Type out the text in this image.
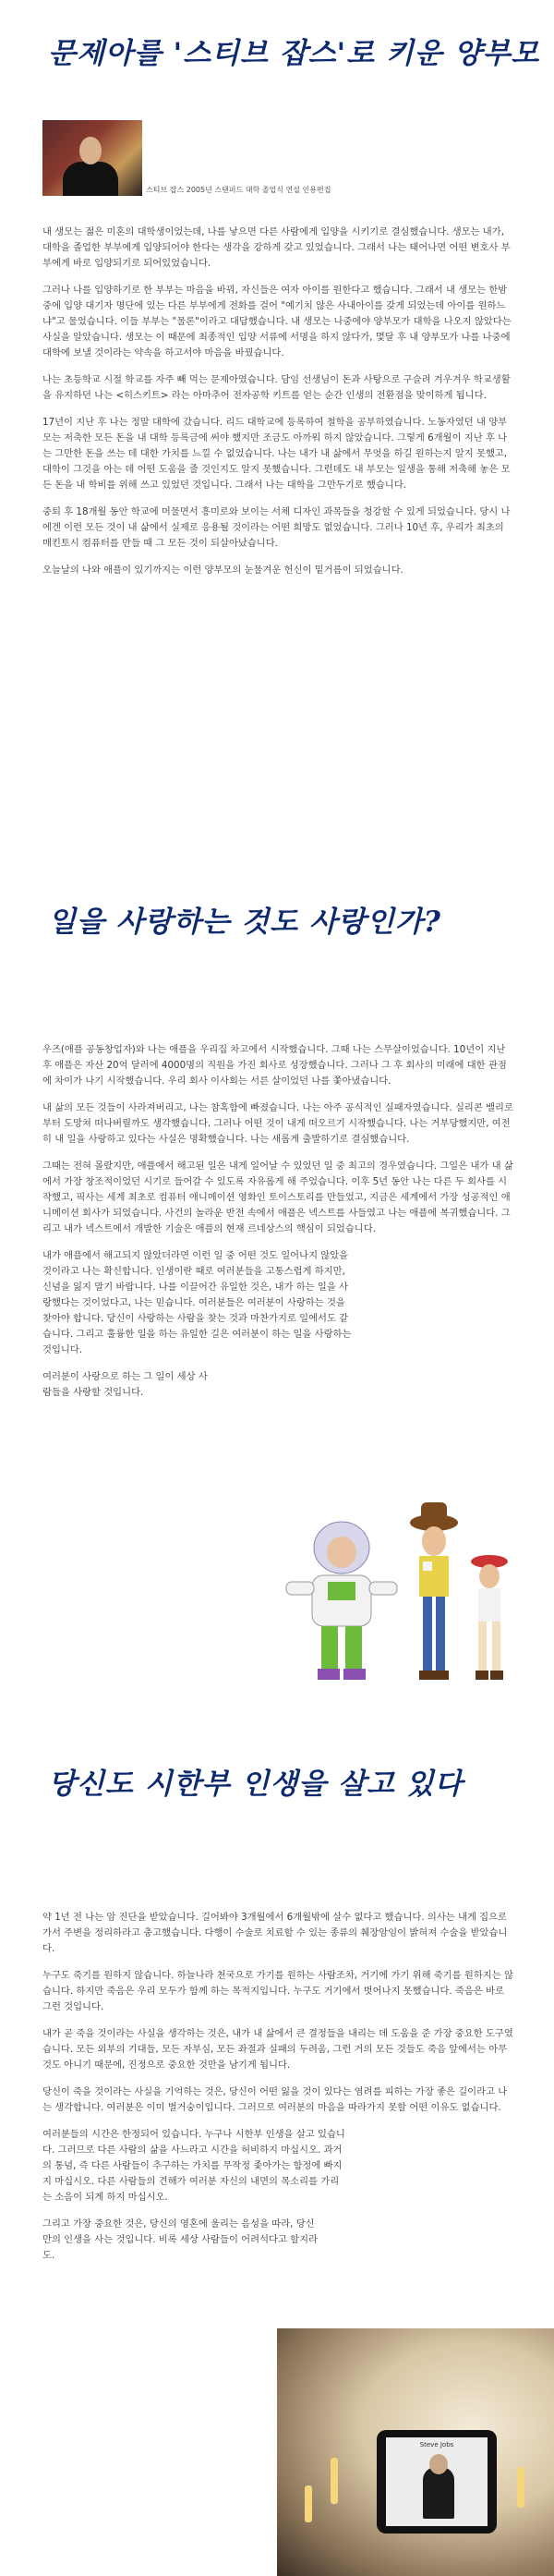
문제아를 '스티브 잡스'로 키운 양부모
스티브 잡스 2005년 스탠퍼드 대학 졸업식 연설 인용편집

내 생모는 젊은 미혼의 대학생이었는데, 나를 낳으면 다른 사람에게 입양을 시키기로 결심했습니다. 생모는 내가, 대학을 졸업한 부부에게 입양되어야 한다는 생각을 강하게 갖고 있었습니다. 그래서 나는 태어나면 어떤 변호사 부부에게 바로 입양되기로 되어있었습니다.

그러나 나를 입양하기로 한 부부는 마음을 바꿔, 자신들은 여자 아이를 원한다고 했습니다. 그래서 내 생모는 한밤중에 입양 대기자 명단에 있는 다른 부부에게 전화를 걸어 "예기치 않은 사내아이를 갖게 되었는데 아이를 원하느냐"고 물었습니다. 이들 부부는 "물론"이라고 대답했습니다. 내 생모는 나중에야 양부모가 대학을 나오지 않았다는 사실을 알았습니다. 생모는 이 때문에 최종적인 입양 서류에 서명을 하지 않다가, 몇달 후 내 양부모가 나를 나중에 대학에 보낼 것이라는 약속을 하고서야 마음을 바꿨습니다.

나는 초등학교 시절 학교를 자주 빼 먹는 문제아였습니다. 담임 선생님이 돈과 사탕으로 구슬려 겨우겨우 학교생활을 유지하던 나는 <히스키트> 라는 아마추어 전자공학 키트를 얻는 순간 인생의 전환점을 맞이하게 됩니다.

17년이 지난 후 나는 정말 대학에 갔습니다. 리드 대학교에 등록하여 철학을 공부하였습니다. 노동자였던 내 양부모는 저축한 모든 돈을 내 대학 등록금에 써야 했지만 조금도 아까워 하지 않았습니다. 그렇게 6개월이 지난 후 나는 그만한 돈을 쓰는 데 대한 가치를 느낄 수 없었습니다. 나는 내가 내 삶에서 무엇을 하길 원하는지 알지 못했고, 대학이 그것을 아는 데 어떤 도움을 줄 것인지도 알지 못했습니다. 그런데도 내 부모는 일생을 통해 저축해 놓은 모든 돈을 내 학비를 위해 쓰고 있었던 것입니다. 그래서 나는 대학을 그만두기로 했습니다.

중퇴 후 18개월 동안 학교에 머물면서 흥미로와 보이는 서체 디자인 과목들을 청강할 수 있게 되었습니다. 당시 나에겐 이런 모든 것이 내 삶에서 실제로 응용될 것이라는 어떤 희망도 없었습니다. 그러나 10년 후, 우리가 최초의 매킨토시 컴퓨터를 만들 때 그 모든 것이 되살아났습니다.

오늘날의 나와 애플이 있기까지는 이런 양부모의 눈물겨운 헌신이 밑거름이 되었습니다.

일을 사랑하는 것도 사랑인가?

우즈(애플 공동창업자)와 나는 애플을 우리집 차고에서 시작했습니다. 그때 나는 스무살이었습니다. 10년이 지난 후 애플은 자산 20억 달러에 4000명의 직원을 가진 회사로 성장했습니다. 그러나 그 후 회사의 미래에 대한 관점에 차이가 나기 시작했습니다. 우리 회사 이사회는 서른 살이었던 나를 쫓아냈습니다.

내 삶의 모든 것들이 사라져버리고, 나는 참혹함에 빠졌습니다. 나는 아주 공식적인 실패자였습니다. 실리콘 밸리로부터 도망쳐 떠나버릴까도 생각했습니다. 그러나 어떤 것이 내게 떠오르기 시작했습니다. 나는 거부당했지만, 여전히 내 일을 사랑하고 있다는 사실은 명확했습니다. 나는 새롭게 출발하기로 결심했습니다.

그때는 전혀 몰랐지만, 애플에서 해고된 일은 내게 일어날 수 있었던 일 중 최고의 경우였습니다. 그일은 내가 내 삶에서 가장 창조적이었던 시기로 들어갈 수 있도록 자유롭게 해 주었습니다. 이후 5년 동안 나는 다른 두 회사를 시작했고, 픽사는 세계 최초로 컴퓨터 애니메이션 영화인 토이스토리를 만들었고, 지금은 세계에서 가장 성공적인 애니메이션 회사가 되었습니다. 사건의 놀라운 반전 속에서 애플은 넥스트를 사들였고 나는 애플에 복귀했습니다. 그리고 내가 넥스트에서 개발한 기술은 애플의 현재 르네상스의 핵심이 되었습니다.

내가 애플에서 해고되지 않았더라면 이런 일 중 어떤 것도 일어나지 않았을 것이라고 나는 확신합니다. 인생이란 때로 여러분들을 고통스럽게 하지만, 신념을 잃지 말기 바랍니다. 나를 이끌어간 유일한 것은, 내가 하는 일을 사랑했다는 것이었다고, 나는 믿습니다. 여러분들은 여러분이 사랑하는 것을 찾아야 합니다. 당신이 사랑하는 사람을 찾는 것과 마찬가지로 일에서도 같습니다. 그리고 훌륭한 일을 하는 유일한 길은 여러분이 하는 일을 사랑하는 것입니다.

여러분이 사랑으로 하는 그 일이 세상 사람들을 사랑할 것입니다.

당신도 시한부 인생을 살고 있다
Steve Jobs

약 1년 전 나는 암 진단을 받았습니다. 길어봐야 3개월에서 6개월밖에 살수 없다고 했습니다. 의사는 내게 집으로 가서 주변을 정리하라고 충고했습니다. 다행이 수술로 치료할 수 있는 종류의 췌장암임이 밝혀져 수술을 받았습니다.

누구도 죽기를 원하지 않습니다. 하늘나라 천국으로 가기를 원하는 사람조차, 거기에 가기 위해 죽기를 원하지는 않습니다. 하지만 죽음은 우리 모두가 함께 하는 목적지입니다. 누구도 거기에서 벗어나지 못했습니다. 죽음은 바로 그런 것입니다.

내가 곧 죽을 것이라는 사실을 생각하는 것은, 내가 내 삶에서 큰 결정들을 내리는 데 도움을 준 가장 중요한 도구였습니다. 모든 외부의 기대들, 모든 자부심, 모든 좌절과 실패의 두려움, 그런 거의 모든 것들도 죽음 앞에서는 아무것도 아니기 때문에, 진정으로 중요한 것만을 남기게 됩니다.

당신이 죽을 것이라는 사실을 기억하는 것은, 당신이 어떤 잃을 것이 있다는 염려를 피하는 가장 좋은 길이라고 나는 생각합니다. 여러분은 이미 벌거숭이입니다. 그러므로 여러분의 마음을 따라가지 못할 어떤 이유도 없습니다.

여러분들의 시간은 한정되어 있습니다. 누구나 시한부 인생을 살고 있습니다. 그러므로 다른 사람의 삶을 사느라고 시간을 허비하지 마십시오. 과거의 통념, 즉 다른 사람들이 추구하는 가치를 무작정 좇아가는 함정에 빠지지 마십시오. 다른 사람들의 견해가 여러분 자신의 내면의 목소리를 가리는 소음이 되게 하지 마십시오.

그리고 가장 중요한 것은, 당신의 영혼에 울리는 음성을 따라, 당신만의 인생을 사는 것입니다. 비록 세상 사람들이 어려석다고 할지라도.
